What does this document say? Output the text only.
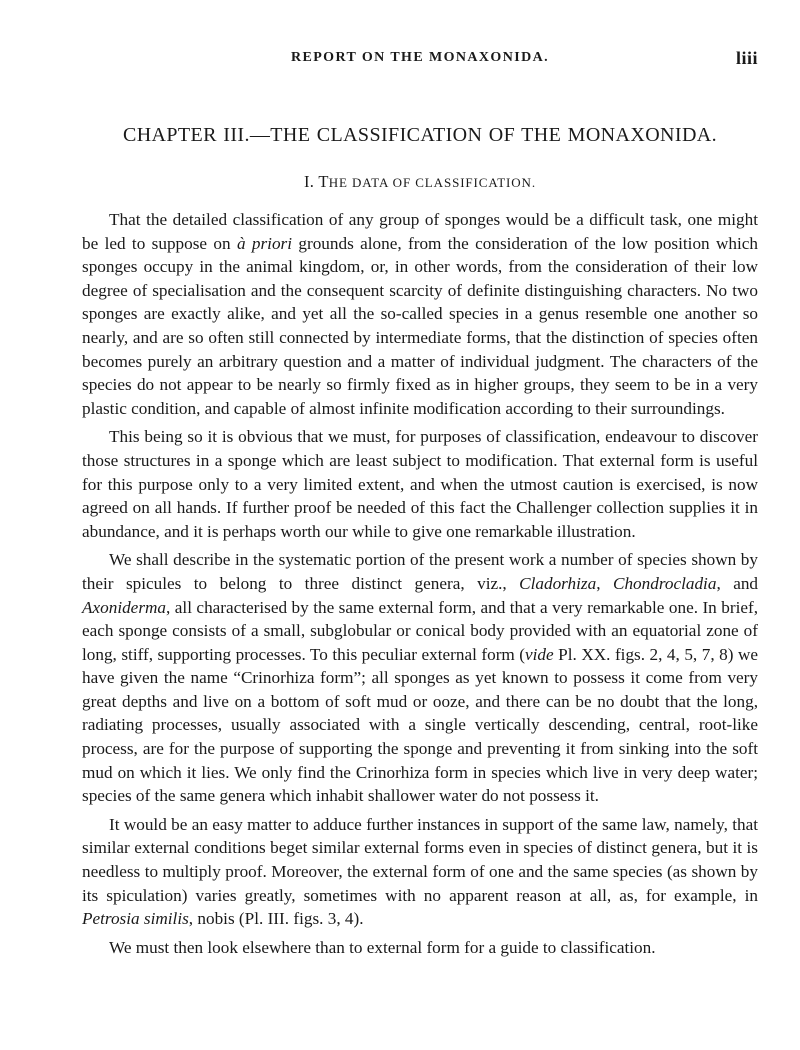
REPORT ON THE MONAXONIDA.	liii
CHAPTER III.—THE CLASSIFICATION OF THE MONAXONIDA.
I. THE DATA OF CLASSIFICATION.

That the detailed classification of any group of sponges would be a difficult task, one might be led to suppose on à priori grounds alone, from the consideration of the low position which sponges occupy in the animal kingdom, or, in other words, from the consideration of their low degree of specialisation and the consequent scarcity of definite distinguishing characters. No two sponges are exactly alike, and yet all the so-called species in a genus resemble one another so nearly, and are so often still connected by intermediate forms, that the distinction of species often becomes purely an arbitrary question and a matter of individual judgment. The characters of the species do not appear to be nearly so firmly fixed as in higher groups, they seem to be in a very plastic condition, and capable of almost infinite modification according to their surroundings.

This being so it is obvious that we must, for purposes of classification, endeavour to discover those structures in a sponge which are least subject to modification. That external form is useful for this purpose only to a very limited extent, and when the utmost caution is exercised, is now agreed on all hands. If further proof be needed of this fact the Challenger collection supplies it in abundance, and it is perhaps worth our while to give one remarkable illustration.

We shall describe in the systematic portion of the present work a number of species shown by their spicules to belong to three distinct genera, viz., Cladorhiza, Chondrocladia, and Axoniderma, all characterised by the same external form, and that a very remarkable one. In brief, each sponge consists of a small, subglobular or conical body provided with an equatorial zone of long, stiff, supporting processes. To this peculiar external form (vide Pl. XX. figs. 2, 4, 5, 7, 8) we have given the name “Crinorhiza form”; all sponges as yet known to possess it come from very great depths and live on a bottom of soft mud or ooze, and there can be no doubt that the long, radiating processes, usually associated with a single vertically descending, central, root-like process, are for the purpose of supporting the sponge and preventing it from sinking into the soft mud on which it lies. We only find the Crinorhiza form in species which live in very deep water; species of the same genera which inhabit shallower water do not possess it.

It would be an easy matter to adduce further instances in support of the same law, namely, that similar external conditions beget similar external forms even in species of distinct genera, but it is needless to multiply proof. Moreover, the external form of one and the same species (as shown by its spiculation) varies greatly, sometimes with no apparent reason at all, as, for example, in Petrosia similis, nobis (Pl. III. figs. 3, 4).

We must then look elsewhere than to external form for a guide to classification.
